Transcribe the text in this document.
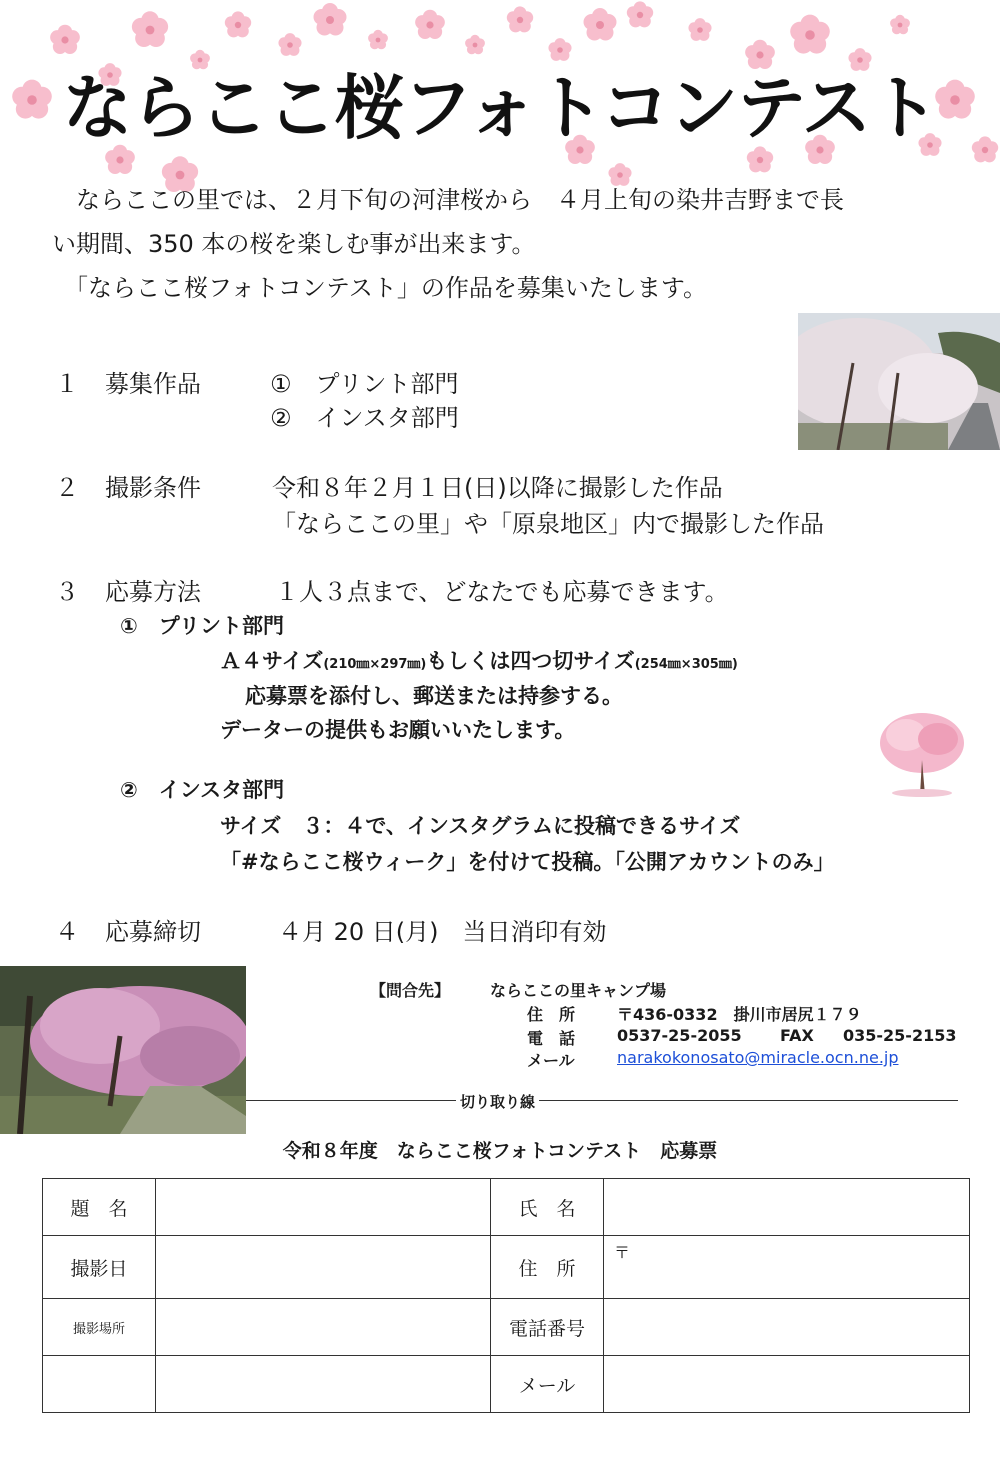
ならここ桜フォトコンテスト
　ならここの里では、２月下旬の河津桜から　４月上旬の染井吉野まで長
い期間、350 本の桜を楽しむ事が出来ます。
　「ならここ桜フォトコンテスト」の作品を募集いたします。
１ 募集作品	①　プリント部門
②　インスタ部門
２ 撮影条件	令和８年２月１日(日)以降に撮影した作品
「ならここの里」や「原泉地区」内で撮影した作品
３ 応募方法	１人３点まで、どなたでも応募できます。
①　プリント部門
Ａ４サイズ(210㎜×297㎜)もしくは四つ切サイズ(254㎜×305㎜)
応募票を添付し、郵送または持参する。
データーの提供もお願いいたします。
②　インスタ部門
サイズ　３：４で、インスタグラムに投稿できるサイズ
「#ならここ桜ウィーク」を付けて投稿。「公開アカウントのみ」
４ 応募締切	４月 20 日(月)　当日消印有効
【問合先】 ならここの里キャンプ場
住　所	〒436-0332　掛川市居尻１７９
電　話	0537-25-2055 FAX 035-25-2153
メール	narakokonosato@miracle.ocn.ne.jp
切り取り線
令和８年度　ならここ桜フォトコンテスト　応募票
題　名		氏　名	
撮影日		住　所	〒
撮影場所		電話番号	
		メール	
